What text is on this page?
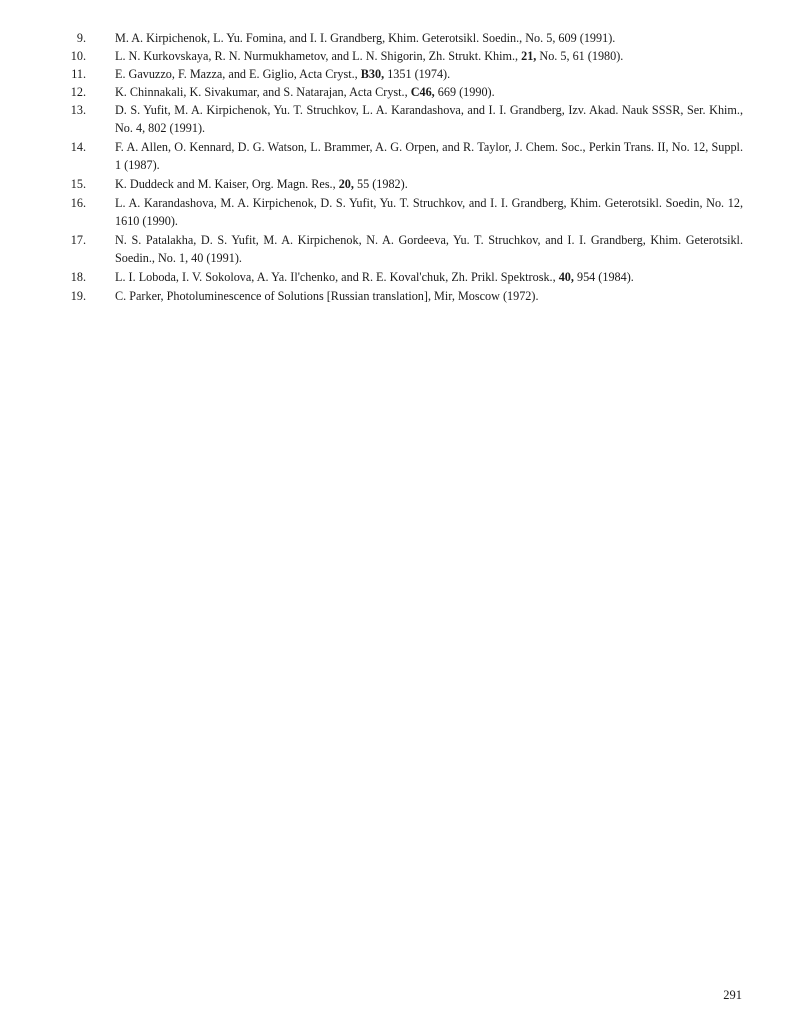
9. M. A. Kirpichenok, L. Yu. Fomina, and I. I. Grandberg, Khim. Geterotsikl. Soedin., No. 5, 609 (1991).
10. L. N. Kurkovskaya, R. N. Nurmukhametov, and L. N. Shigorin, Zh. Strukt. Khim., 21, No. 5, 61 (1980).
11. E. Gavuzzo, F. Mazza, and E. Giglio, Acta Cryst., B30, 1351 (1974).
12. K. Chinnakali, K. Sivakumar, and S. Natarajan, Acta Cryst., C46, 669 (1990).
13. D. S. Yufit, M. A. Kirpichenok, Yu. T. Struchkov, L. A. Karandashova, and I. I. Grandberg, Izv. Akad. Nauk SSSR, Ser. Khim., No. 4, 802 (1991).
14. F. A. Allen, O. Kennard, D. G. Watson, L. Brammer, A. G. Orpen, and R. Taylor, J. Chem. Soc., Perkin Trans. II, No. 12, Suppl. 1 (1987).
15. K. Duddeck and M. Kaiser, Org. Magn. Res., 20, 55 (1982).
16. L. A. Karandashova, M. A. Kirpichenok, D. S. Yufit, Yu. T. Struchkov, and I. I. Grandberg, Khim. Geterotsikl. Soedin, No. 12, 1610 (1990).
17. N. S. Patalakha, D. S. Yufit, M. A. Kirpichenok, N. A. Gordeeva, Yu. T. Struchkov, and I. I. Grandberg, Khim. Geterotsikl. Soedin., No. 1, 40 (1991).
18. L. I. Loboda, I. V. Sokolova, A. Ya. Il'chenko, and R. E. Koval'chuk, Zh. Prikl. Spektrosk., 40, 954 (1984).
19. C. Parker, Photoluminescence of Solutions [Russian translation], Mir, Moscow (1972).
291
